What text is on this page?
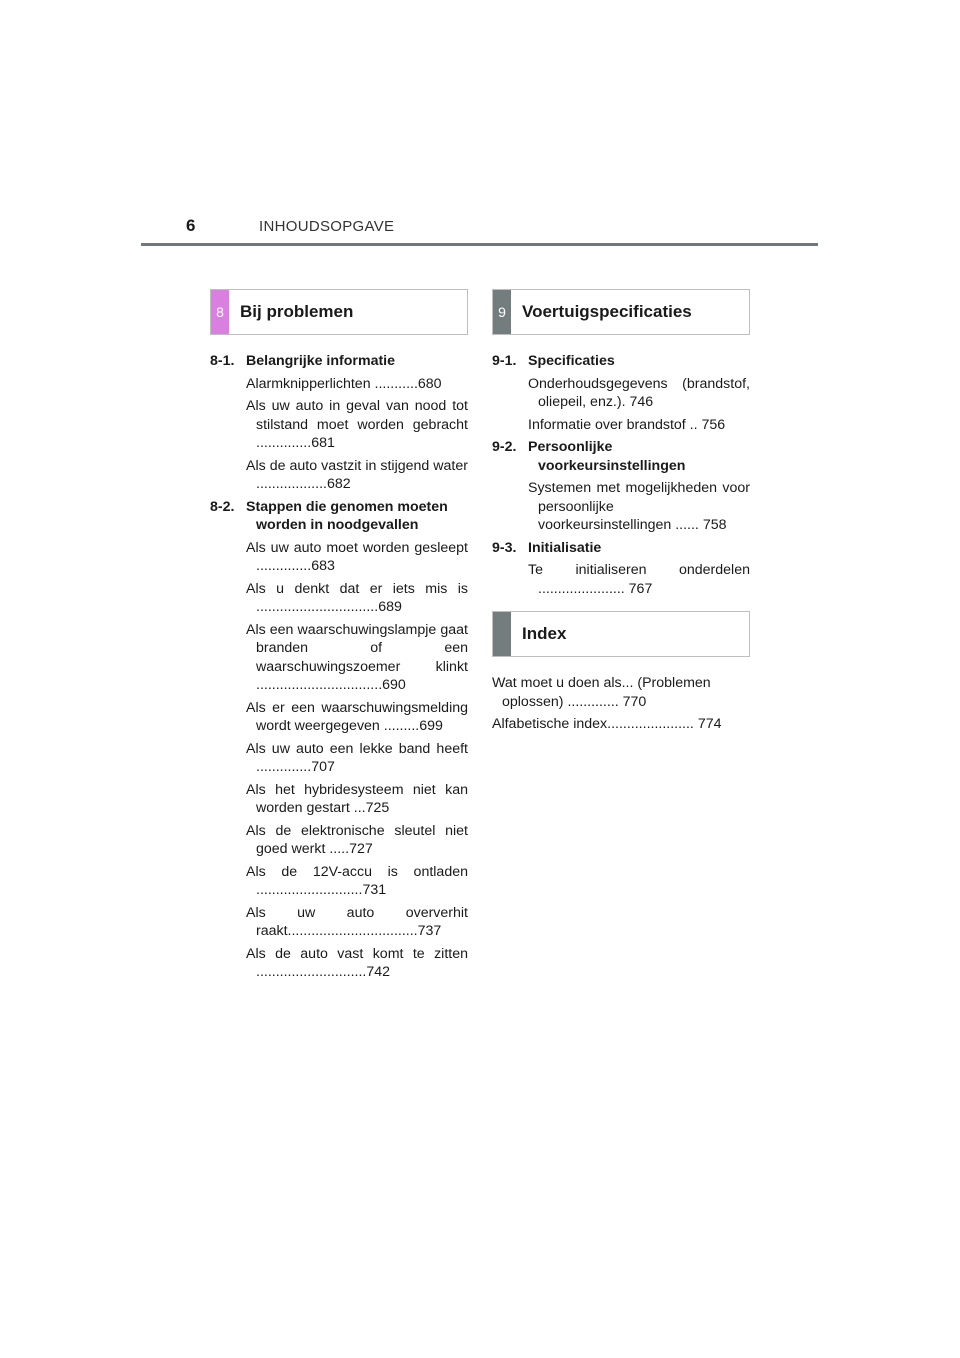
6	INHOUDSOPGAVE
8 Bij problemen
8-1. Belangrijke informatie
Alarmknipperlichten ...........680
Als uw auto in geval van nood tot stilstand moet worden gebracht ..............681
Als de auto vastzit in stijgend water ..................682
8-2. Stappen die genomen moeten worden in noodgevallen
Als uw auto moet worden gesleept ..............683
Als u denkt dat er iets mis is ...............................689
Als een waarschuwingslampje gaat branden of een waarschuwingszoemer klinkt ................................690
Als er een waarschuwingsmelding wordt weergegeven .........699
Als uw auto een lekke band heeft ..............707
Als het hybridesysteem niet kan worden gestart ...725
Als de elektronische sleutel niet goed werkt .....727
Als de 12V-accu is ontladen ...........................731
Als uw auto oververhit raakt.................................737
Als de auto vast komt te zitten ............................742
9 Voertuigspecificaties
9-1. Specificaties
Onderhoudsgegevens (brandstof, oliepeil, enz.). 746
Informatie over brandstof .. 756
9-2. Persoonlijke voorkeursinstellingen
Systemen met mogelijkheden voor persoonlijke voorkeursinstellingen ...... 758
9-3. Initialisatie
Te initialiseren onderdelen ...................... 767
Index
Wat moet u doen als... (Problemen oplossen) ............. 770
Alfabetische index...................... 774
